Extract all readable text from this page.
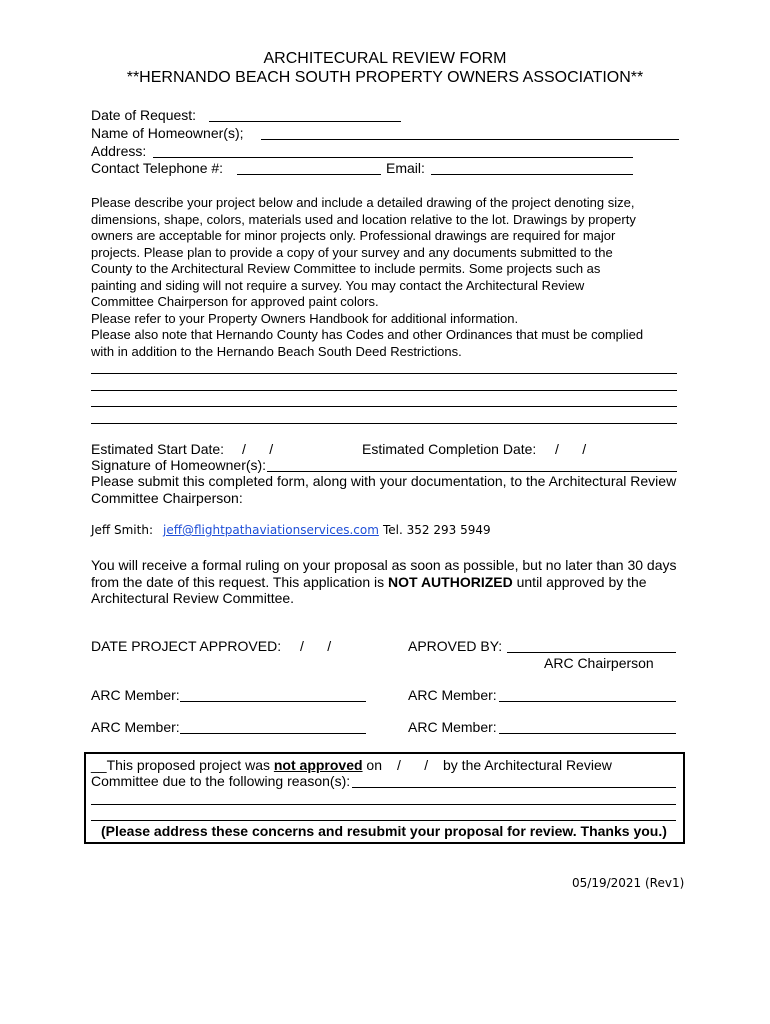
ARCHITECURAL REVIEW FORM
**HERNANDO BEACH SOUTH PROPERTY OWNERS ASSOCIATION**
Date of Request:
Name of Homeowner(s);
Address:
Contact Telephone #:	Email:
Please describe your project below and include a detailed drawing of the project denoting size,
dimensions, shape, colors, materials used and location relative to the lot. Drawings by property
owners are acceptable for minor projects only. Professional drawings are required for major
projects. Please plan to provide a copy of your survey and any documents submitted to the
County to the Architectural Review Committee to include permits. Some projects such as
painting and siding will not require a survey. You may contact the Architectural Review
Committee Chairperson for approved paint colors.
Please refer to your Property Owners Handbook for additional information.
Please also note that Hernando County has Codes and other Ordinances that must be complied
with in addition to the Hernando Beach South Deed Restrictions.
Estimated Start Date: /      /	Estimated Completion Date: /      /
Signature of Homeowner(s):
Please submit this completed form, along with your documentation, to the Architectural Review
Committee Chairperson:
Jeff Smith: jeff@flightpathaviationservices.com Tel. 352 293 5949
You will receive a formal ruling on your proposal as soon as possible, but no later than 30 days
from the date of this request. This application is NOT AUTHORIZED until approved by the
Architectural Review Committee.
DATE PROJECT APPROVED: /      /	APROVED BY:
ARC Chairperson
ARC Member:	ARC Member:
ARC Member:	ARC Member:
__This proposed project was not approved on /      / by the Architectural Review
Committee due to the following reason(s):
(Please address these concerns and resubmit your proposal for review. Thanks you.)
05/19/2021 (Rev1)
